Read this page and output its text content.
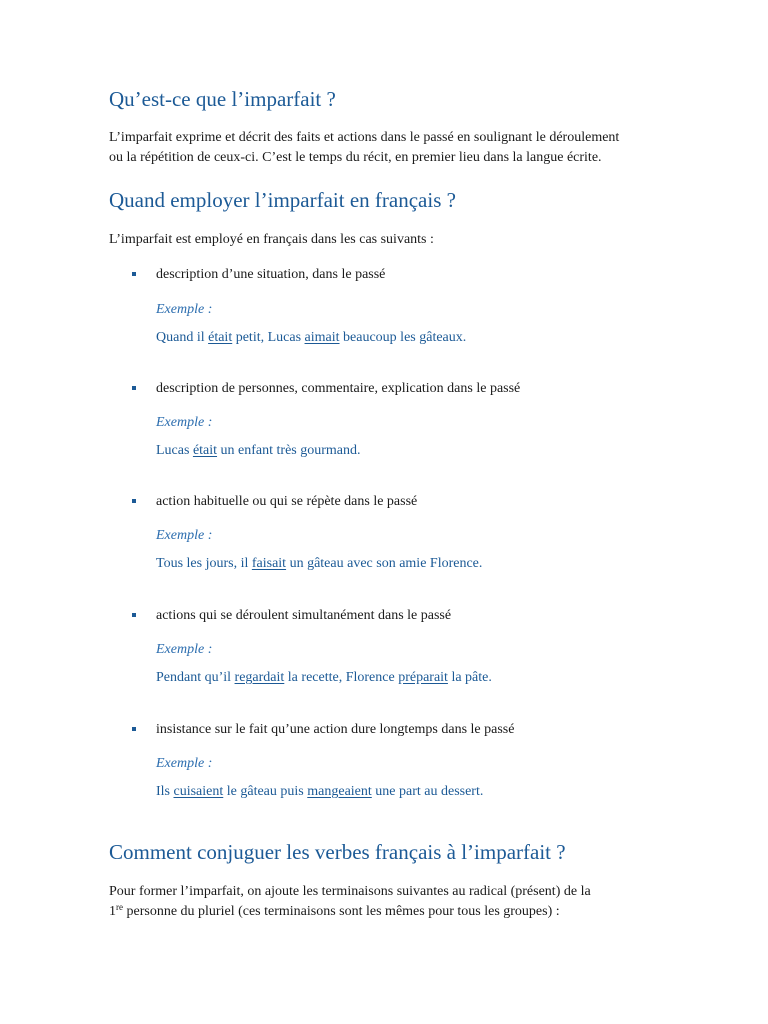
Qu’est-ce que l’imparfait ?

L’imparfait exprime et décrit des faits et actions dans le passé en soulignant le déroulement

ou la répétition de ceux-ci. C’est le temps du récit, en premier lieu dans la langue écrite.

Quand employer l’imparfait en français ?

L’imparfait est employé en français dans les cas suivants :

description d’une situation, dans le passé

Exemple :

Quand il était petit, Lucas aimait beaucoup les gâteaux.

description de personnes, commentaire, explication dans le passé

Exemple :

Lucas était un enfant très gourmand.

action habituelle ou qui se répète dans le passé

Exemple :

Tous les jours, il faisait un gâteau avec son amie Florence.

actions qui se déroulent simultanément dans le passé

Exemple :

Pendant qu’il regardait la recette, Florence préparait la pâte.

insistance sur le fait qu’une action dure longtemps dans le passé

Exemple :

Ils cuisaient le gâteau puis mangeaient une part au dessert.

Comment conjuguer les verbes français à l’imparfait ?

Pour former l’imparfait, on ajoute les terminaisons suivantes au radical (présent) de la

1re personne du pluriel (ces terminaisons sont les mêmes pour tous les groupes) :
